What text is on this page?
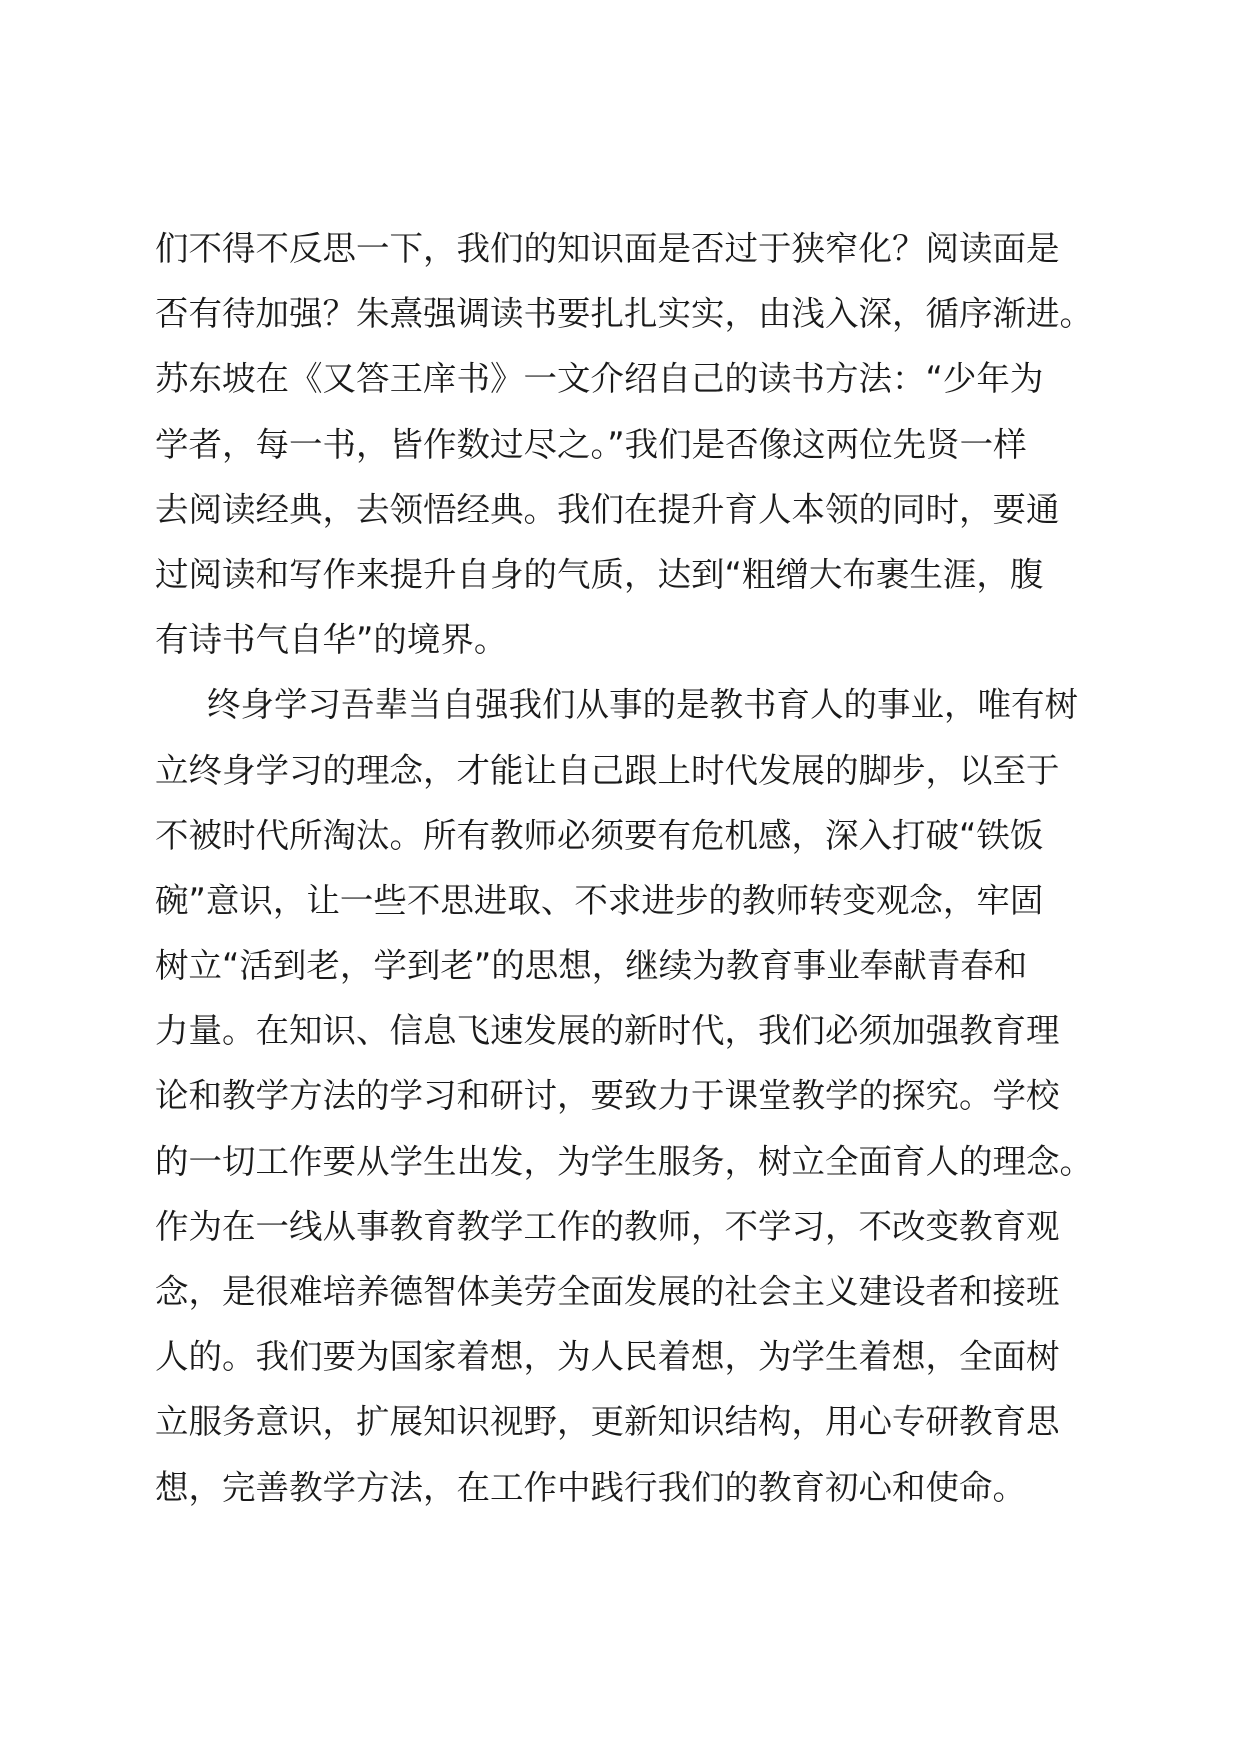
们不得不反思一下，我们的知识面是否过于狭窄化？阅读面是
否有待加强？朱熹强调读书要扎扎实实，由浅入深，循序渐进。
苏东坡在《又答王庠书》一文介绍自己的读书方法：“少年为
学者，每一书，皆作数过尽之。”我们是否像这两位先贤一样
去阅读经典，去领悟经典。我们在提升育人本领的同时，要通
过阅读和写作来提升自身的气质，达到“粗缯大布裹生涯，腹
有诗书气自华”的境界。
终身学习吾辈当自强我们从事的是教书育人的事业，唯有树
立终身学习的理念，才能让自己跟上时代发展的脚步，以至于
不被时代所淘汰。所有教师必须要有危机感，深入打破“铁饭
碗”意识，让一些不思进取、不求进步的教师转变观念，牢固
树立“活到老，学到老”的思想，继续为教育事业奉献青春和
力量。在知识、信息飞速发展的新时代，我们必须加强教育理
论和教学方法的学习和研讨，要致力于课堂教学的探究。学校
的一切工作要从学生出发，为学生服务，树立全面育人的理念。
作为在一线从事教育教学工作的教师，不学习，不改变教育观
念，是很难培养德智体美劳全面发展的社会主义建设者和接班
人的。我们要为国家着想，为人民着想，为学生着想，全面树
立服务意识，扩展知识视野，更新知识结构，用心专研教育思
想，完善教学方法，在工作中践行我们的教育初心和使命。
